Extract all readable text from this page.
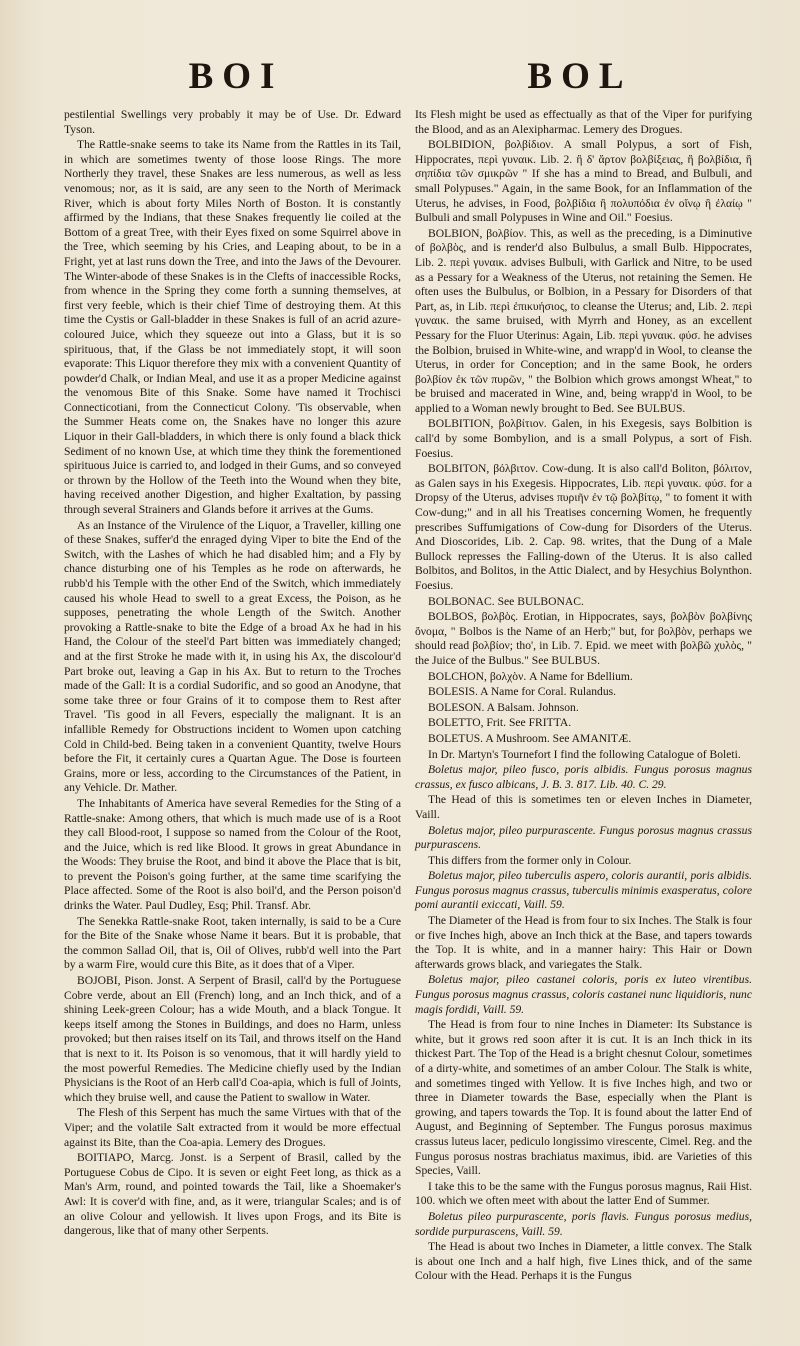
BOI	BOL

pestilential Swellings very probably it may be of Use. Dr. Edward Tyson.

The Rattle-snake seems to take its Name from the Rattles in its Tail, in which are sometimes twenty of those loose Rings. The more Northerly they travel, these Snakes are less numerous, as well as less venomous; nor, as it is said, are any seen to the North of Merimack River, which is about forty Miles North of Boston. It is constantly affirmed by the Indians, that these Snakes frequently lie coiled at the Bottom of a great Tree, with their Eyes fixed on some Squirrel above in the Tree, which seeming by his Cries, and Leaping about, to be in a Fright, yet at last runs down the Tree, and into the Jaws of the Devourer. The Winter-abode of these Snakes is in the Clefts of inaccessible Rocks, from whence in the Spring they come forth a sunning themselves, at first very feeble, which is their chief Time of destroying them. At this time the Cystis or Gall-bladder in these Snakes is full of an acrid azure-coloured Juice, which they squeeze out into a Glass, but it is so spirituous, that, if the Glass be not immediately stopt, it will soon evaporate: This Liquor therefore they mix with a convenient Quantity of powder'd Chalk, or Indian Meal, and use it as a proper Medicine against the venomous Bite of this Snake. Some have named it Trochisci Connecticotiani, from the Connecticut Colony. 'Tis observable, when the Summer Heats come on, the Snakes have no longer this azure Liquor in their Gall-bladders, in which there is only found a black thick Sediment of no known Use, at which time they think the forementioned spirituous Juice is carried to, and lodged in their Gums, and so conveyed or thrown by the Hollow of the Teeth into the Wound when they bite, having received another Digestion, and higher Exaltation, by passing through several Strainers and Glands before it arrives at the Gums.

As an Instance of the Virulence of the Liquor, a Traveller, killing one of these Snakes, suffer'd the enraged dying Viper to bite the End of the Switch, with the Lashes of which he had disabled him; and a Fly by chance disturbing one of his Temples as he rode on afterwards, he rubb'd his Temple with the other End of the Switch, which immediately caused his whole Head to swell to a great Excess, the Poison, as he supposes, penetrating the whole Length of the Switch. Another provoking a Rattle-snake to bite the Edge of a broad Ax he had in his Hand, the Colour of the steel'd Part bitten was immediately changed; and at the first Stroke he made with it, in using his Ax, the discolour'd Part broke out, leaving a Gap in his Ax. But to return to the Troches made of the Gall: It is a cordial Sudorific, and so good an Anodyne, that some take three or four Grains of it to compose them to Rest after Travel. 'Tis good in all Fevers, especially the malignant. It is an infallible Remedy for Obstructions incident to Women upon catching Cold in Child-bed. Being taken in a convenient Quantity, twelve Hours before the Fit, it certainly cures a Quartan Ague. The Dose is fourteen Grains, more or less, according to the Circumstances of the Patient, in any Vehicle. Dr. Mather.

The Inhabitants of America have several Remedies for the Sting of a Rattle-snake: Among others, that which is much made use of is a Root they call Blood-root, I suppose so named from the Colour of the Root, and the Juice, which is red like Blood. It grows in great Abundance in the Woods: They bruise the Root, and bind it above the Place that is bit, to prevent the Poison's going further, at the same time scarifying the Place affected. Some of the Root is also boil'd, and the Person poison'd drinks the Water. Paul Dudley, Esq; Phil. Transf. Abr.

The Senekka Rattle-snake Root, taken internally, is said to be a Cure for the Bite of the Snake whose Name it bears. But it is probable, that the common Sallad Oil, that is, Oil of Olives, rubb'd well into the Part by a warm Fire, would cure this Bite, as it does that of a Viper.

BOJOBI, Pison. Jonst. A Serpent of Brasil, call'd by the Portuguese Cobre verde, about an Ell (French) long, and an Inch thick, and of a shining Leek-green Colour; has a wide Mouth, and a black Tongue. It keeps itself among the Stones in Buildings, and does no Harm, unless provoked; but then raises itself on its Tail, and throws itself on the Hand that is next to it. Its Poison is so venomous, that it will hardly yield to the most powerful Remedies. The Medicine chiefly used by the Indian Physicians is the Root of an Herb call'd Coa-apia, which is full of Joints, which they bruise well, and cause the Patient to swallow in Water.

The Flesh of this Serpent has much the same Virtues with that of the Viper; and the volatile Salt extracted from it would be more effectual against its Bite, than the Coa-apia. Lemery des Drogues.

BOITIAPO, Marcg. Jonst. is a Serpent of Brasil, called by the Portuguese Cobus de Cipo. It is seven or eight Feet long, as thick as a Man's Arm, round, and pointed towards the Tail, like a Shoemaker's Awl: It is cover'd with fine, and, as it were, triangular Scales; and is of an olive Colour and yellowish. It lives upon Frogs, and its Bite is dangerous, like that of many other Serpents.

Its Flesh might be used as effectually as that of the Viper for purifying the Blood, and as an Alexipharmac. Lemery des Drogues.

BOLBIDION, βολβίδιον. A small Polypus, a sort of Fish, Hippocrates, περὶ γυναικ. Lib. 2. ἢ δ' ἄρτον βολβίξειας, ἢ βολβίδια, ἢ σηπίδια τῶν σμικρῶν " If she has a mind to Bread, and Bulbuli, and small Polypuses." Again, in the same Book, for an Inflammation of the Uterus, he advises, in Food, βολβίδια ἢ πολυπόδια ἐν οἴνῳ ἢ ἐλαίῳ " Bulbuli and small Polypuses in Wine and Oil." Foesius.

BOLBION, βολβίον. This, as well as the preceding, is a Diminutive of βολβὸς, and is render'd also Bulbulus, a small Bulb. Hippocrates, Lib. 2. περὶ γυναικ. advises Bulbuli, with Garlick and Nitre, to be used as a Pessary for a Weakness of the Uterus, not retaining the Semen. He often uses the Bulbulus, or Bolbion, in a Pessary for Disorders of that Part, as, in Lib. περὶ ἐπικυήσιος, to cleanse the Uterus; and, Lib. 2. περὶ γυναικ. the same bruised, with Myrrh and Honey, as an excellent Pessary for the Fluor Uterinus: Again, Lib. περὶ γυναικ. φύσ. he advises the Bolbion, bruised in White-wine, and wrapp'd in Wool, to cleanse the Uterus, in order for Conception; and in the same Book, he orders βολβίον ἐκ τῶν πυρῶν, " the Bolbion which grows amongst Wheat," to be bruised and macerated in Wine, and, being wrapp'd in Wool, to be applied to a Woman newly brought to Bed. See BULBUS.

BOLBITION, βολβίτιον. Galen, in his Exegesis, says Bolbition is call'd by some Bombylion, and is a small Polypus, a sort of Fish. Foesius.

BOLBITON, βόλβιτον. Cow-dung. It is also call'd Boliton, βόλιτον, as Galen says in his Exegesis. Hippocrates, Lib. περὶ γυναικ. φύσ. for a Dropsy of the Uterus, advises πυριῆν ἐν τῷ βολβίτῳ, " to foment it with Cow-dung;" and in all his Treatises concerning Women, he frequently prescribes Suffumigations of Cow-dung for Disorders of the Uterus. And Dioscorides, Lib. 2. Cap. 98. writes, that the Dung of a Male Bullock represses the Falling-down of the Uterus. It is also called Bolbitos, and Bolitos, in the Attic Dialect, and by Hesychius Bolynthon. Foesius.

BOLBONAC. See BULBONAC.

BOLBOS, βολβὸς. Erotian, in Hippocrates, says, βολβὸν βολβίνης ὄνομα, " Bolbos is the Name of an Herb;" but, for βολβὸν, perhaps we should read βολβίον; tho', in Lib. 7. Epid. we meet with βολβῶ χυλὸς, " the Juice of the Bulbus." See BULBUS.

BOLCHON, βολχὸν. A Name for Bdellium.

BOLESIS. A Name for Coral. Rulandus.

BOLESON. A Balsam. Johnson.

BOLETTO, Frit. See FRITTA.

BOLETUS. A Mushroom. See AMANITÆ.

In Dr. Martyn's Tournefort I find the following Catalogue of Boleti.

Boletus major, pileo fusco, poris albidis. Fungus porosus magnus crassus, ex fusco albicans, J. B. 3. 817. Lib. 40. C. 29.

The Head of this is sometimes ten or eleven Inches in Diameter, Vaill.

Boletus major, pileo purpurascente. Fungus porosus magnus crassus purpurascens.

This differs from the former only in Colour.

Boletus major, pileo tuberculis aspero, coloris aurantii, poris albidis. Fungus porosus magnus crassus, tuberculis minimis exasperatus, colore pomi aurantii exiccati, Vaill. 59.

The Diameter of the Head is from four to six Inches. The Stalk is four or five Inches high, above an Inch thick at the Base, and tapers towards the Top. It is white, and in a manner hairy: This Hair or Down afterwards grows black, and variegates the Stalk.

Boletus major, pileo castanei coloris, poris ex luteo virentibus. Fungus porosus magnus crassus, coloris castanei nunc liquidioris, nunc magis fordidi, Vaill. 59.

The Head is from four to nine Inches in Diameter: Its Substance is white, but it grows red soon after it is cut. It is an Inch thick in its thickest Part. The Top of the Head is a bright chesnut Colour, sometimes of a dirty-white, and sometimes of an amber Colour. The Stalk is white, and sometimes tinged with Yellow. It is five Inches high, and two or three in Diameter towards the Base, especially when the Plant is growing, and tapers towards the Top. It is found about the latter End of August, and Beginning of September. The Fungus porosus maximus crassus luteus lacer, pediculo longissimo virescente, Cimel. Reg. and the Fungus porosus nostras brachiatus maximus, ibid. are Varieties of this Species, Vaill.

I take this to be the same with the Fungus porosus magnus, Raii Hist. 100. which we often meet with about the latter End of Summer.

Boletus pileo purpurascente, poris flavis. Fungus porosus medius, sordide purpurascens, Vaill. 59.

The Head is about two Inches in Diameter, a little convex. The Stalk is about one Inch and a half high, five Lines thick, and of the same Colour with the Head. Perhaps it is the Fungus
